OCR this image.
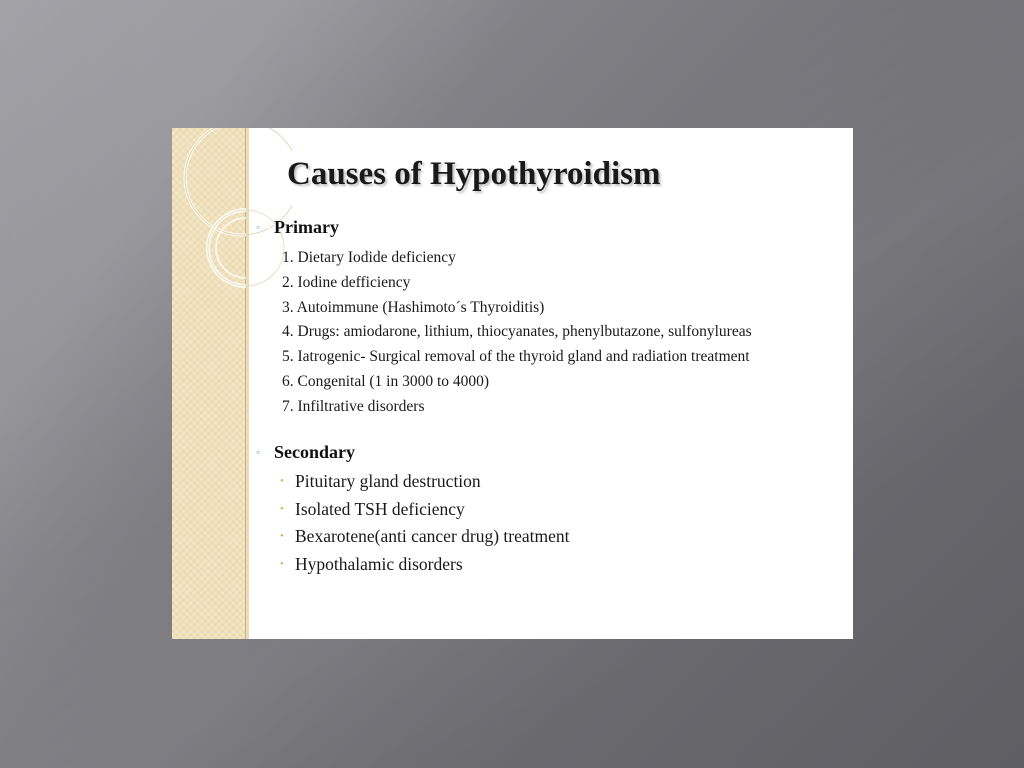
Causes of Hypothyroidism
◦ Primary
1. Dietary Iodide deficiency
2. Iodine defficiency
3. Autoimmune (Hashimoto´s Thyroiditis)
4. Drugs: amiodarone, lithium, thiocyanates, phenylbutazone, sulfonylureas
5. Iatrogenic- Surgical removal of the thyroid gland and radiation treatment
6. Congenital (1 in 3000 to 4000)
7. Infiltrative disorders
◦ Secondary
• Pituitary gland destruction
• Isolated TSH deficiency
• Bexarotene(anti cancer drug) treatment
• Hypothalamic disorders
